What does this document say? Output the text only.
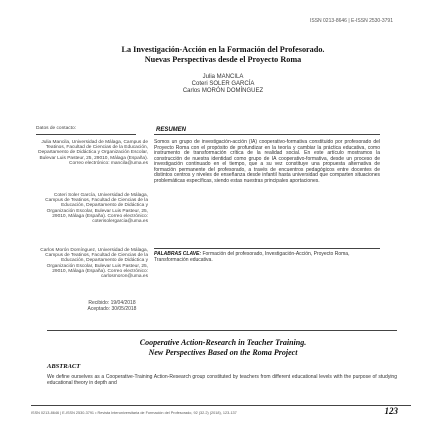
ISSN 0213-8646 | E-ISSN 2530-3791
La Investigación-Acción en la Formación del Profesorado.
Nuevas Perspectivas desde el Proyecto Roma
Julia MANCILA
Coteri SOLER GARCÍA
Carlos MORÓN DOMÍNGUEZ
Datos de contacto:
Julia Mancila, Universidad de Málaga, Campus de Teatinos, Facultad de Ciencias de la Educación, Departamento de Didáctica y Organización Escolar, Bulevar Luis Pasteur, 25, 29010, Málaga (España). Correo electrónico: mancila@uma.es
Coteri Soler García, Universidad de Málaga, Campus de Teatinos, Facultad de Ciencias de la Educación, Departamento de Didáctica y Organización Escolar, Bulevar Luis Pasteur, 25, 29010, Málaga (España). Correo electrónico: coterisolergarcia@uma.es
Carlos Morón Domínguez, Universidad de Málaga, Campus de Teatinos, Facultad de Ciencias de la Educación, Departamento de Didáctica y Organización Escolar, Bulevar Luis Pasteur, 25, 29010, Málaga (España). Correo electrónico: carlosmoron@uma.es
RESUMEN
Somos un grupo de investigación-acción (IA) cooperativo-formativa constituido por profesorado del Proyecto Roma con el propósito de profundizar en la teoría y cambiar la práctica educativa, como instrumento de transformación crítica de la realidad social. En este artículo mostramos la construcción de nuestra identidad como grupo de IA cooperativo-formativa, desde un proceso de investigación continuado en el tiempo, que a su vez constituye una propuesta alternativa de formación permanente del profesorado, a través de encuentros pedagógicos entre docentes de distintos centros y niveles de enseñanza desde infantil hasta universidad que comparten situaciones problemáticas específicas, siendo estas nuestras principales aportaciones.
PALABRAS CLAVE: Formación del profesorado, Investigación-Acción, Proyecto Roma, Transformación educativa.
Recibido: 19/04/2018
Aceptado: 30/05/2018
Cooperative Action-Research in Teacher Training.
New Perspectives Based on the Roma Project
ABSTRACT
We define ourselves as a Cooperative-Training Action-Research group constituted by teachers from different educational levels with the purpose of studying educational theory in depth and
ISSN 0213-8646 | E-ISSN 2530-3791 • Revista Interuniversitaria de Formación del Profesorado, 92 (32.2) (2018), 123-137	123
